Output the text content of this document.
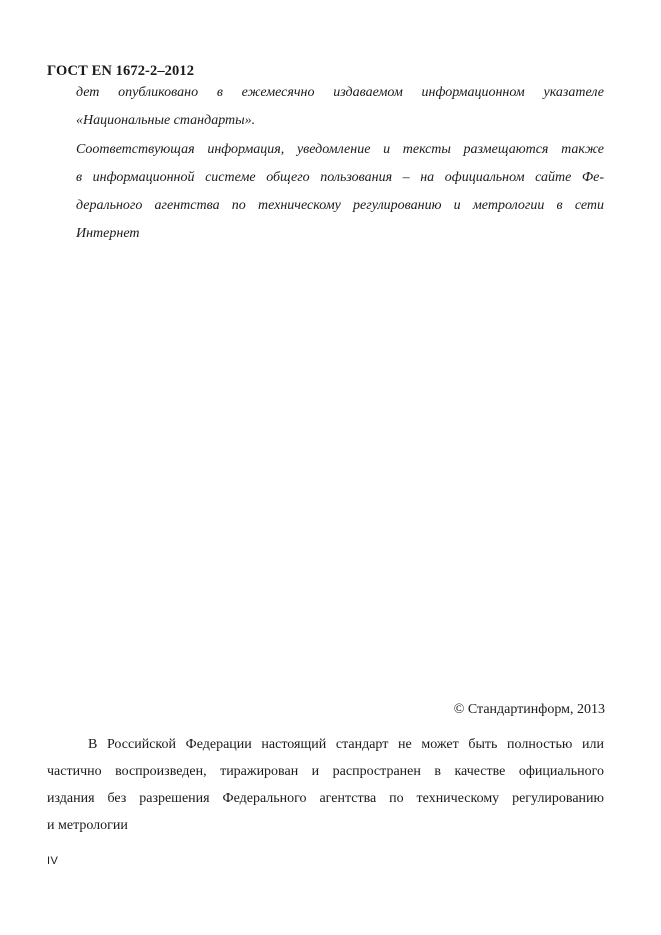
ГОСТ EN 1672-2–2012
дет опубликовано в ежемесячно издаваемом информационном указателе
«Национальные стандарты».
Соответствующая информация, уведомление и тексты размещаются также
в информационной системе общего пользования – на официальном сайте Фе-
дерального агентства по техническому регулированию и метрологии в сети
Интернет
© Стандартинформ, 2013
В Российской Федерации настоящий стандарт не может быть полностью или
частично воспроизведен, тиражирован и распространен в качестве официального
издания без разрешения Федерального агентства по техническому регулированию
и метрологии
IV
